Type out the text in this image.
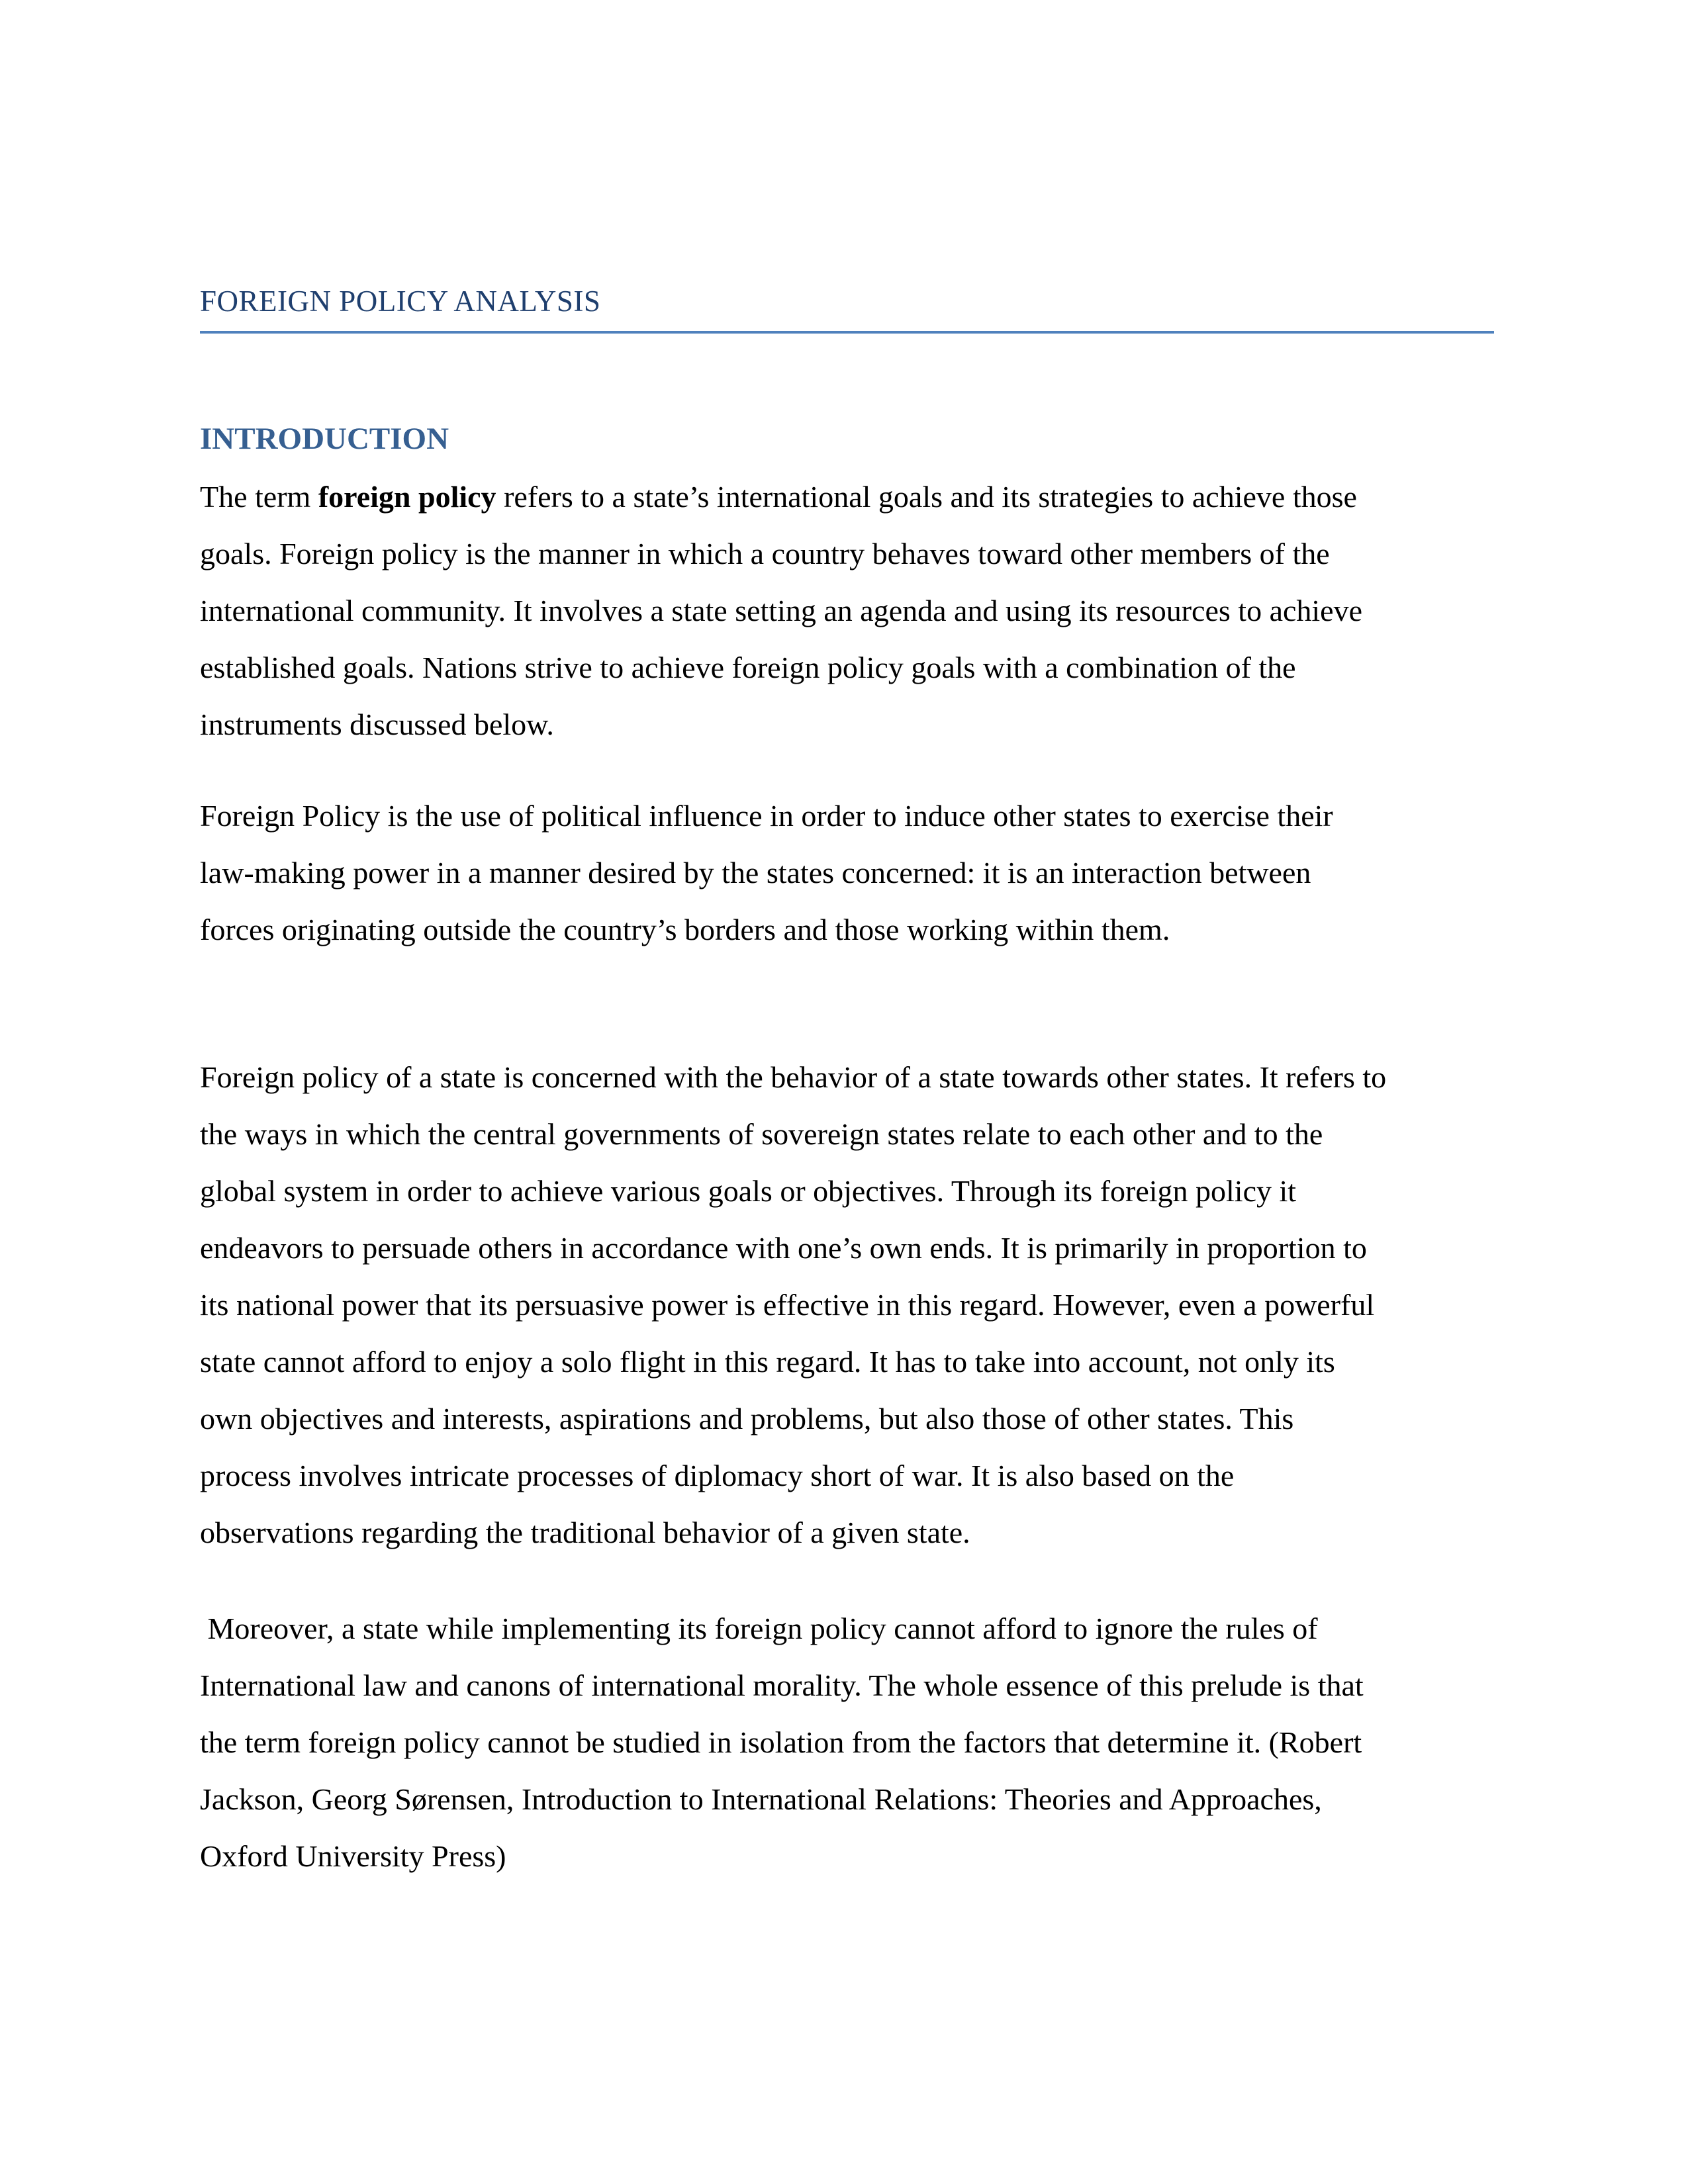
FOREIGN POLICY ANALYSIS
INTRODUCTION

The term foreign policy refers to a state’s international goals and its strategies to achieve those
goals. Foreign policy is the manner in which a country behaves toward other members of the
international community. It involves a state setting an agenda and using its resources to achieve
established goals. Nations strive to achieve foreign policy goals with a combination of the
instruments discussed below.

Foreign Policy is the use of political influence in order to induce other states to exercise their
law-making power in a manner desired by the states concerned: it is an interaction between
forces originating outside the country’s borders and those working within them.

Foreign policy of a state is concerned with the behavior of a state towards other states. It refers to
the ways in which the central governments of sovereign states relate to each other and to the
global system in order to achieve various goals or objectives. Through its foreign policy it
endeavors to persuade others in accordance with one’s own ends. It is primarily in proportion to
its national power that its persuasive power is effective in this regard. However, even a powerful
state cannot afford to enjoy a solo flight in this regard. It has to take into account, not only its
own objectives and interests, aspirations and problems, but also those of other states. This
process involves intricate processes of diplomacy short of war. It is also based on the
observations regarding the traditional behavior of a given state.

Moreover, a state while implementing its foreign policy cannot afford to ignore the rules of
International law and canons of international morality. The whole essence of this prelude is that
the term foreign policy cannot be studied in isolation from the factors that determine it. (Robert
Jackson, Georg Sørensen, Introduction to International Relations: Theories and Approaches,
Oxford University Press)
